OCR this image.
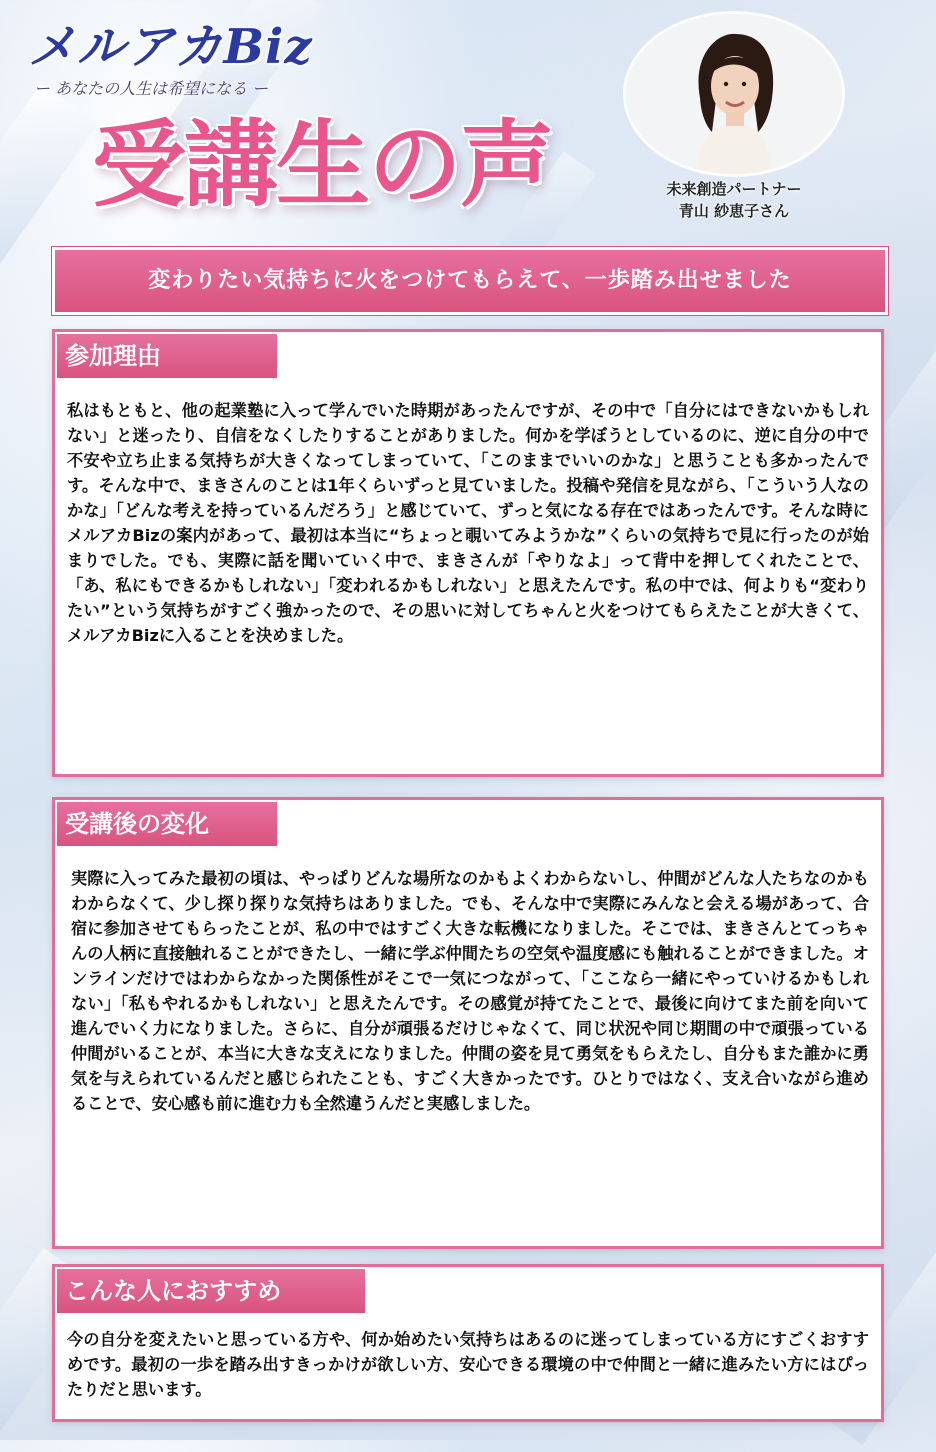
メルアカBiz
ー あなたの人生は希望になる ー
受講生の声	未来創造パートナー
青山 紗恵子さん
変わりたい気持ちに火をつけてもらえて、一歩踏み出せました
参加理由
私はもともと、他の起業塾に入って学んでいた時期があったんですが、その中で「自分にはできないかもしれない」と迷ったり、自信をなくしたりすることがありました。何かを学ぼうとしているのに、逆に自分の中で不安や立ち止まる気持ちが大きくなってしまっていて、「このままでいいのかな」と思うことも多かったんです。そんな中で、まきさんのことは1年くらいずっと見ていました。投稿や発信を見ながら、「こういう人なのかな」「どんな考えを持っているんだろう」と感じていて、ずっと気になる存在ではあったんです。そんな時にメルアカBizの案内があって、最初は本当に“ちょっと覗いてみようかな”くらいの気持ちで見に行ったのが始まりでした。でも、実際に話を聞いていく中で、まきさんが「やりなよ」って背中を押してくれたことで、「あ、私にもできるかもしれない」「変われるかもしれない」と思えたんです。私の中では、何よりも“変わりたい”という気持ちがすごく強かったので、その思いに対してちゃんと火をつけてもらえたことが大きくて、メルアカBizに入ることを決めました。
受講後の変化
実際に入ってみた最初の頃は、やっぱりどんな場所なのかもよくわからないし、仲間がどんな人たちなのかもわからなくて、少し探り探りな気持ちはありました。でも、そんな中で実際にみんなと会える場があって、合宿に参加させてもらったことが、私の中ではすごく大きな転機になりました。そこでは、まきさんとてっちゃんの人柄に直接触れることができたし、一緒に学ぶ仲間たちの空気や温度感にも触れることができました。オンラインだけではわからなかった関係性がそこで一気につながって、「ここなら一緒にやっていけるかもしれない」「私もやれるかもしれない」と思えたんです。その感覚が持てたことで、最後に向けてまた前を向いて進んでいく力になりました。さらに、自分が頑張るだけじゃなくて、同じ状況や同じ期間の中で頑張っている仲間がいることが、本当に大きな支えになりました。仲間の姿を見て勇気をもらえたし、自分もまた誰かに勇気を与えられているんだと感じられたことも、すごく大きかったです。ひとりではなく、支え合いながら進めることで、安心感も前に進む力も全然違うんだと実感しました。
こんな人におすすめ
今の自分を変えたいと思っている方や、何か始めたい気持ちはあるのに迷ってしまっている方にすごくおすすめです。最初の一歩を踏み出すきっかけが欲しい方、安心できる環境の中で仲間と一緒に進みたい方にはぴったりだと思います。
